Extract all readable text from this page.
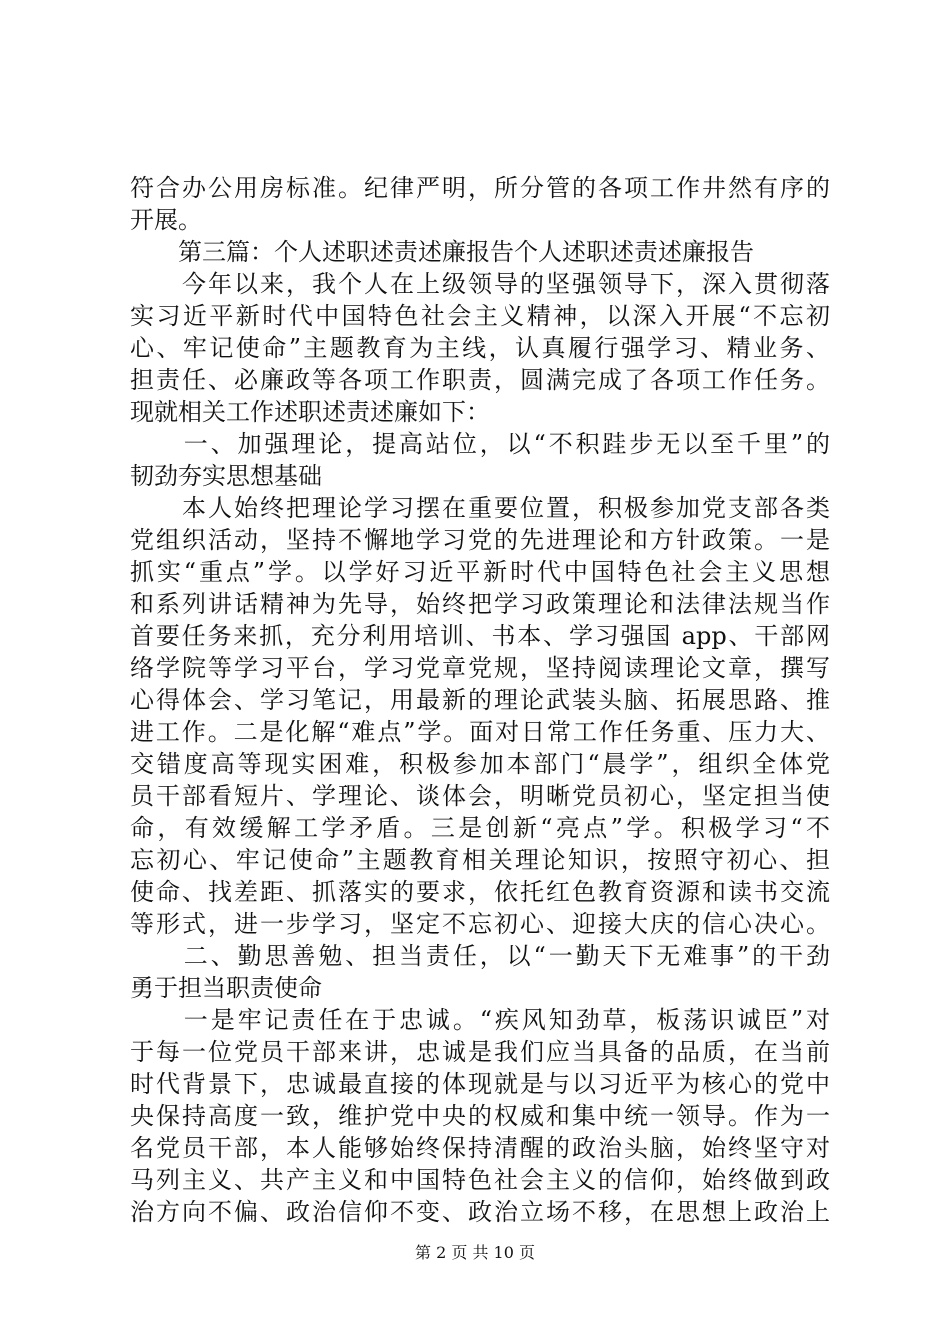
符合办公用房标准。纪律严明，所分管的各项工作井然有序的
开展。
　　第三篇：个人述职述责述廉报告个人述职述责述廉报告
　　今年以来，我个人在上级领导的坚强领导下，深入贯彻落
实习近平新时代中国特色社会主义精神，以深入开展“不忘初
心、牢记使命”主题教育为主线，认真履行强学习、精业务、
担责任、必廉政等各项工作职责，圆满完成了各项工作任务。
现就相关工作述职述责述廉如下：
　　一、加强理论，提高站位，以“不积跬步无以至千里”的
韧劲夯实思想基础
　　本人始终把理论学习摆在重要位置，积极参加党支部各类
党组织活动，坚持不懈地学习党的先进理论和方针政策。一是
抓实“重点”学。以学好习近平新时代中国特色社会主义思想
和系列讲话精神为先导，始终把学习政策理论和法律法规当作
首要任务来抓，充分利用培训、书本、学习强国 app、干部网
络学院等学习平台，学习党章党规，坚持阅读理论文章，撰写
心得体会、学习笔记，用最新的理论武装头脑、拓展思路、推
进工作。二是化解“难点”学。面对日常工作任务重、压力大、
交错度高等现实困难，积极参加本部门“晨学”，组织全体党
员干部看短片、学理论、谈体会，明晰党员初心，坚定担当使
命，有效缓解工学矛盾。三是创新“亮点”学。积极学习“不
忘初心、牢记使命”主题教育相关理论知识，按照守初心、担
使命、找差距、抓落实的要求，依托红色教育资源和读书交流
等形式，进一步学习，坚定不忘初心、迎接大庆的信心决心。
　　二、勤思善勉、担当责任，以“一勤天下无难事”的干劲
勇于担当职责使命
　　一是牢记责任在于忠诚。“疾风知劲草，板荡识诚臣”对
于每一位党员干部来讲，忠诚是我们应当具备的品质，在当前
时代背景下，忠诚最直接的体现就是与以习近平为核心的党中
央保持高度一致，维护党中央的权威和集中统一领导。作为一
名党员干部，本人能够始终保持清醒的政治头脑，始终坚守对
马列主义、共产主义和中国特色社会主义的信仰，始终做到政
治方向不偏、政治信仰不变、政治立场不移，在思想上政治上
第 2 页 共 10 页
